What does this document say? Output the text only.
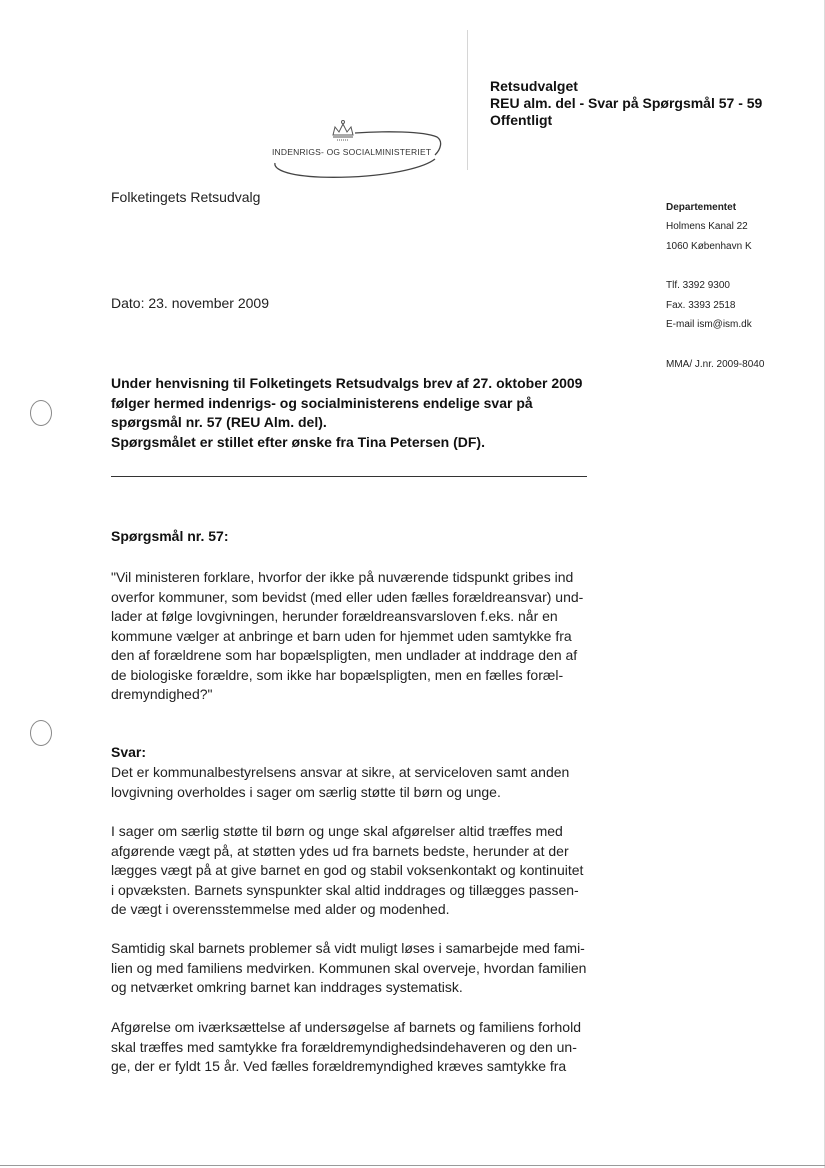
Retsudvalget
REU alm. del - Svar på Spørgsmål 57 - 59
Offentligt
INDENRIGS- OG SOCIALMINISTERIET
Folketingets Retsudvalg
Departementet
Holmens Kanal 22
1060 København K
Tlf. 3392 9300
Fax. 3393 2518
E-mail ism@ism.dk
MMA/ J.nr. 2009-8040
Dato: 23. november 2009
Under henvisning til Folketingets Retsudvalgs brev af 27. oktober 2009
følger hermed indenrigs- og socialministerens endelige svar på
spørgsmål nr. 57 (REU Alm. del).
Spørgsmålet er stillet efter ønske fra Tina Petersen (DF).
Spørgsmål nr. 57:
"Vil ministeren forklare, hvorfor der ikke på nuværende tidspunkt gribes ind
overfor kommuner, som bevidst (med eller uden fælles forældreansvar) und-
lader at følge lovgivningen, herunder forældreansvarsloven f.eks. når en
kommune vælger at anbringe et barn uden for hjemmet uden samtykke fra
den af forældrene som har bopælspligten, men undlader at inddrage den af
de biologiske forældre, som ikke har bopælspligten, men en fælles foræl-
dremyndighed?"
Svar:
Det er kommunalbestyrelsens ansvar at sikre, at serviceloven samt anden
lovgivning overholdes i sager om særlig støtte til børn og unge.
I sager om særlig støtte til børn og unge skal afgørelser altid træffes med
afgørende vægt på, at støtten ydes ud fra barnets bedste, herunder at der
lægges vægt på at give barnet en god og stabil voksenkontakt og kontinuitet
i opvæksten. Barnets synspunkter skal altid inddrages og tillægges passen-
de vægt i overensstemmelse med alder og modenhed.
Samtidig skal barnets problemer så vidt muligt løses i samarbejde med fami-
lien og med familiens medvirken. Kommunen skal overveje, hvordan familien
og netværket omkring barnet kan inddrages systematisk.
Afgørelse om iværksættelse af undersøgelse af barnets og familiens forhold
skal træffes med samtykke fra forældremyndighedsindehaveren og den un-
ge, der er fyldt 15 år. Ved fælles forældremyndighed kræves samtykke fra
